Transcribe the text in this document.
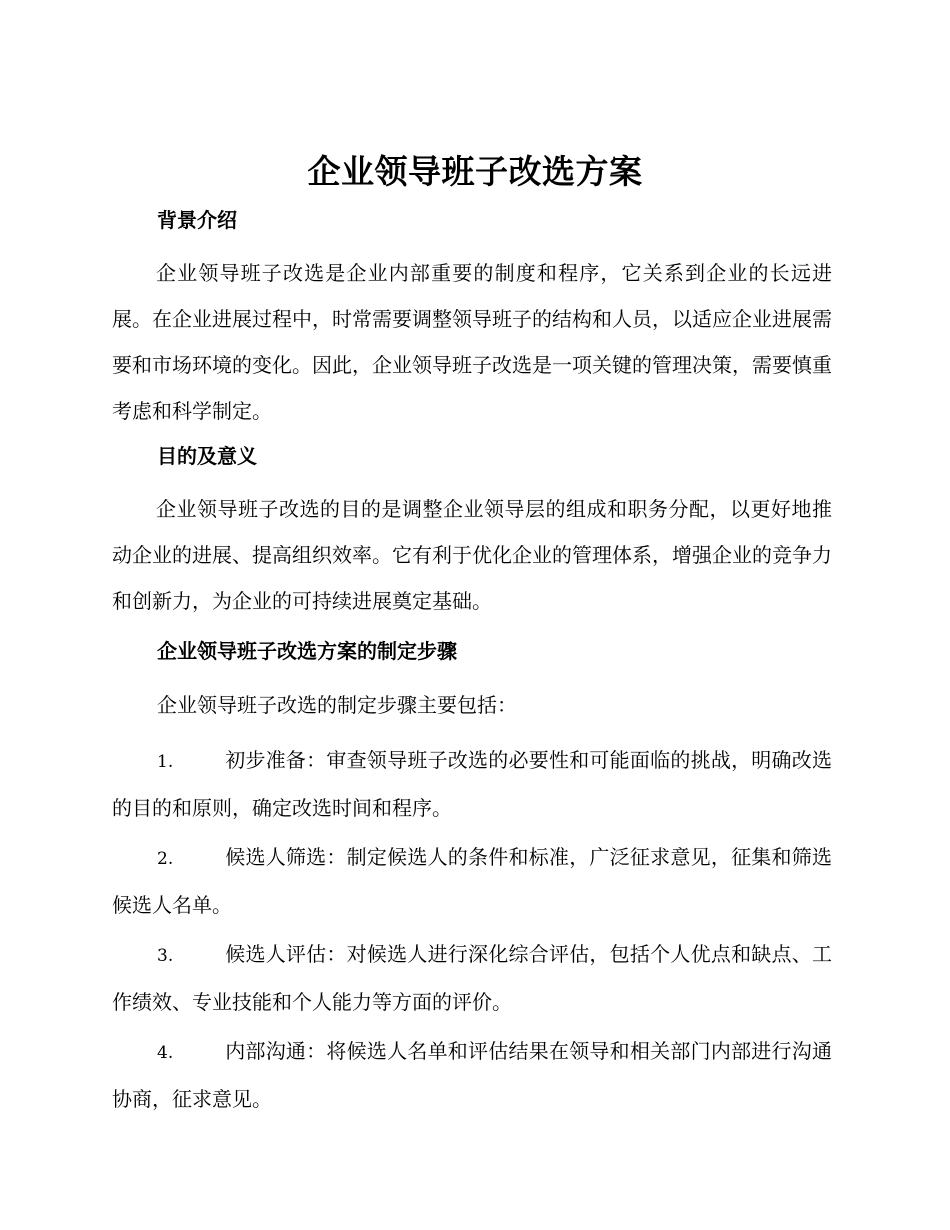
企业领导班子改选方案
背景介绍
企业领导班子改选是企业内部重要的制度和程序，它关系到企业的长远进展。在企业进展过程中，时常需要调整领导班子的结构和人员，以适应企业进展需要和市场环境的变化。因此，企业领导班子改选是一项关键的管理决策，需要慎重考虑和科学制定。
目的及意义
企业领导班子改选的目的是调整企业领导层的组成和职务分配，以更好地推动企业的进展、提高组织效率。它有利于优化企业的管理体系，增强企业的竞争力和创新力，为企业的可持续进展奠定基础。
企业领导班子改选方案的制定步骤
企业领导班子改选的制定步骤主要包括：
1.	初步准备：审查领导班子改选的必要性和可能面临的挑战，明确改选的目的和原则，确定改选时间和程序。
2.	候选人筛选：制定候选人的条件和标准，广泛征求意见，征集和筛选候选人名单。
3.	候选人评估：对候选人进行深化综合评估，包括个人优点和缺点、工作绩效、专业技能和个人能力等方面的评价。
4.	内部沟通：将候选人名单和评估结果在领导和相关部门内部进行沟通协商，征求意见。
